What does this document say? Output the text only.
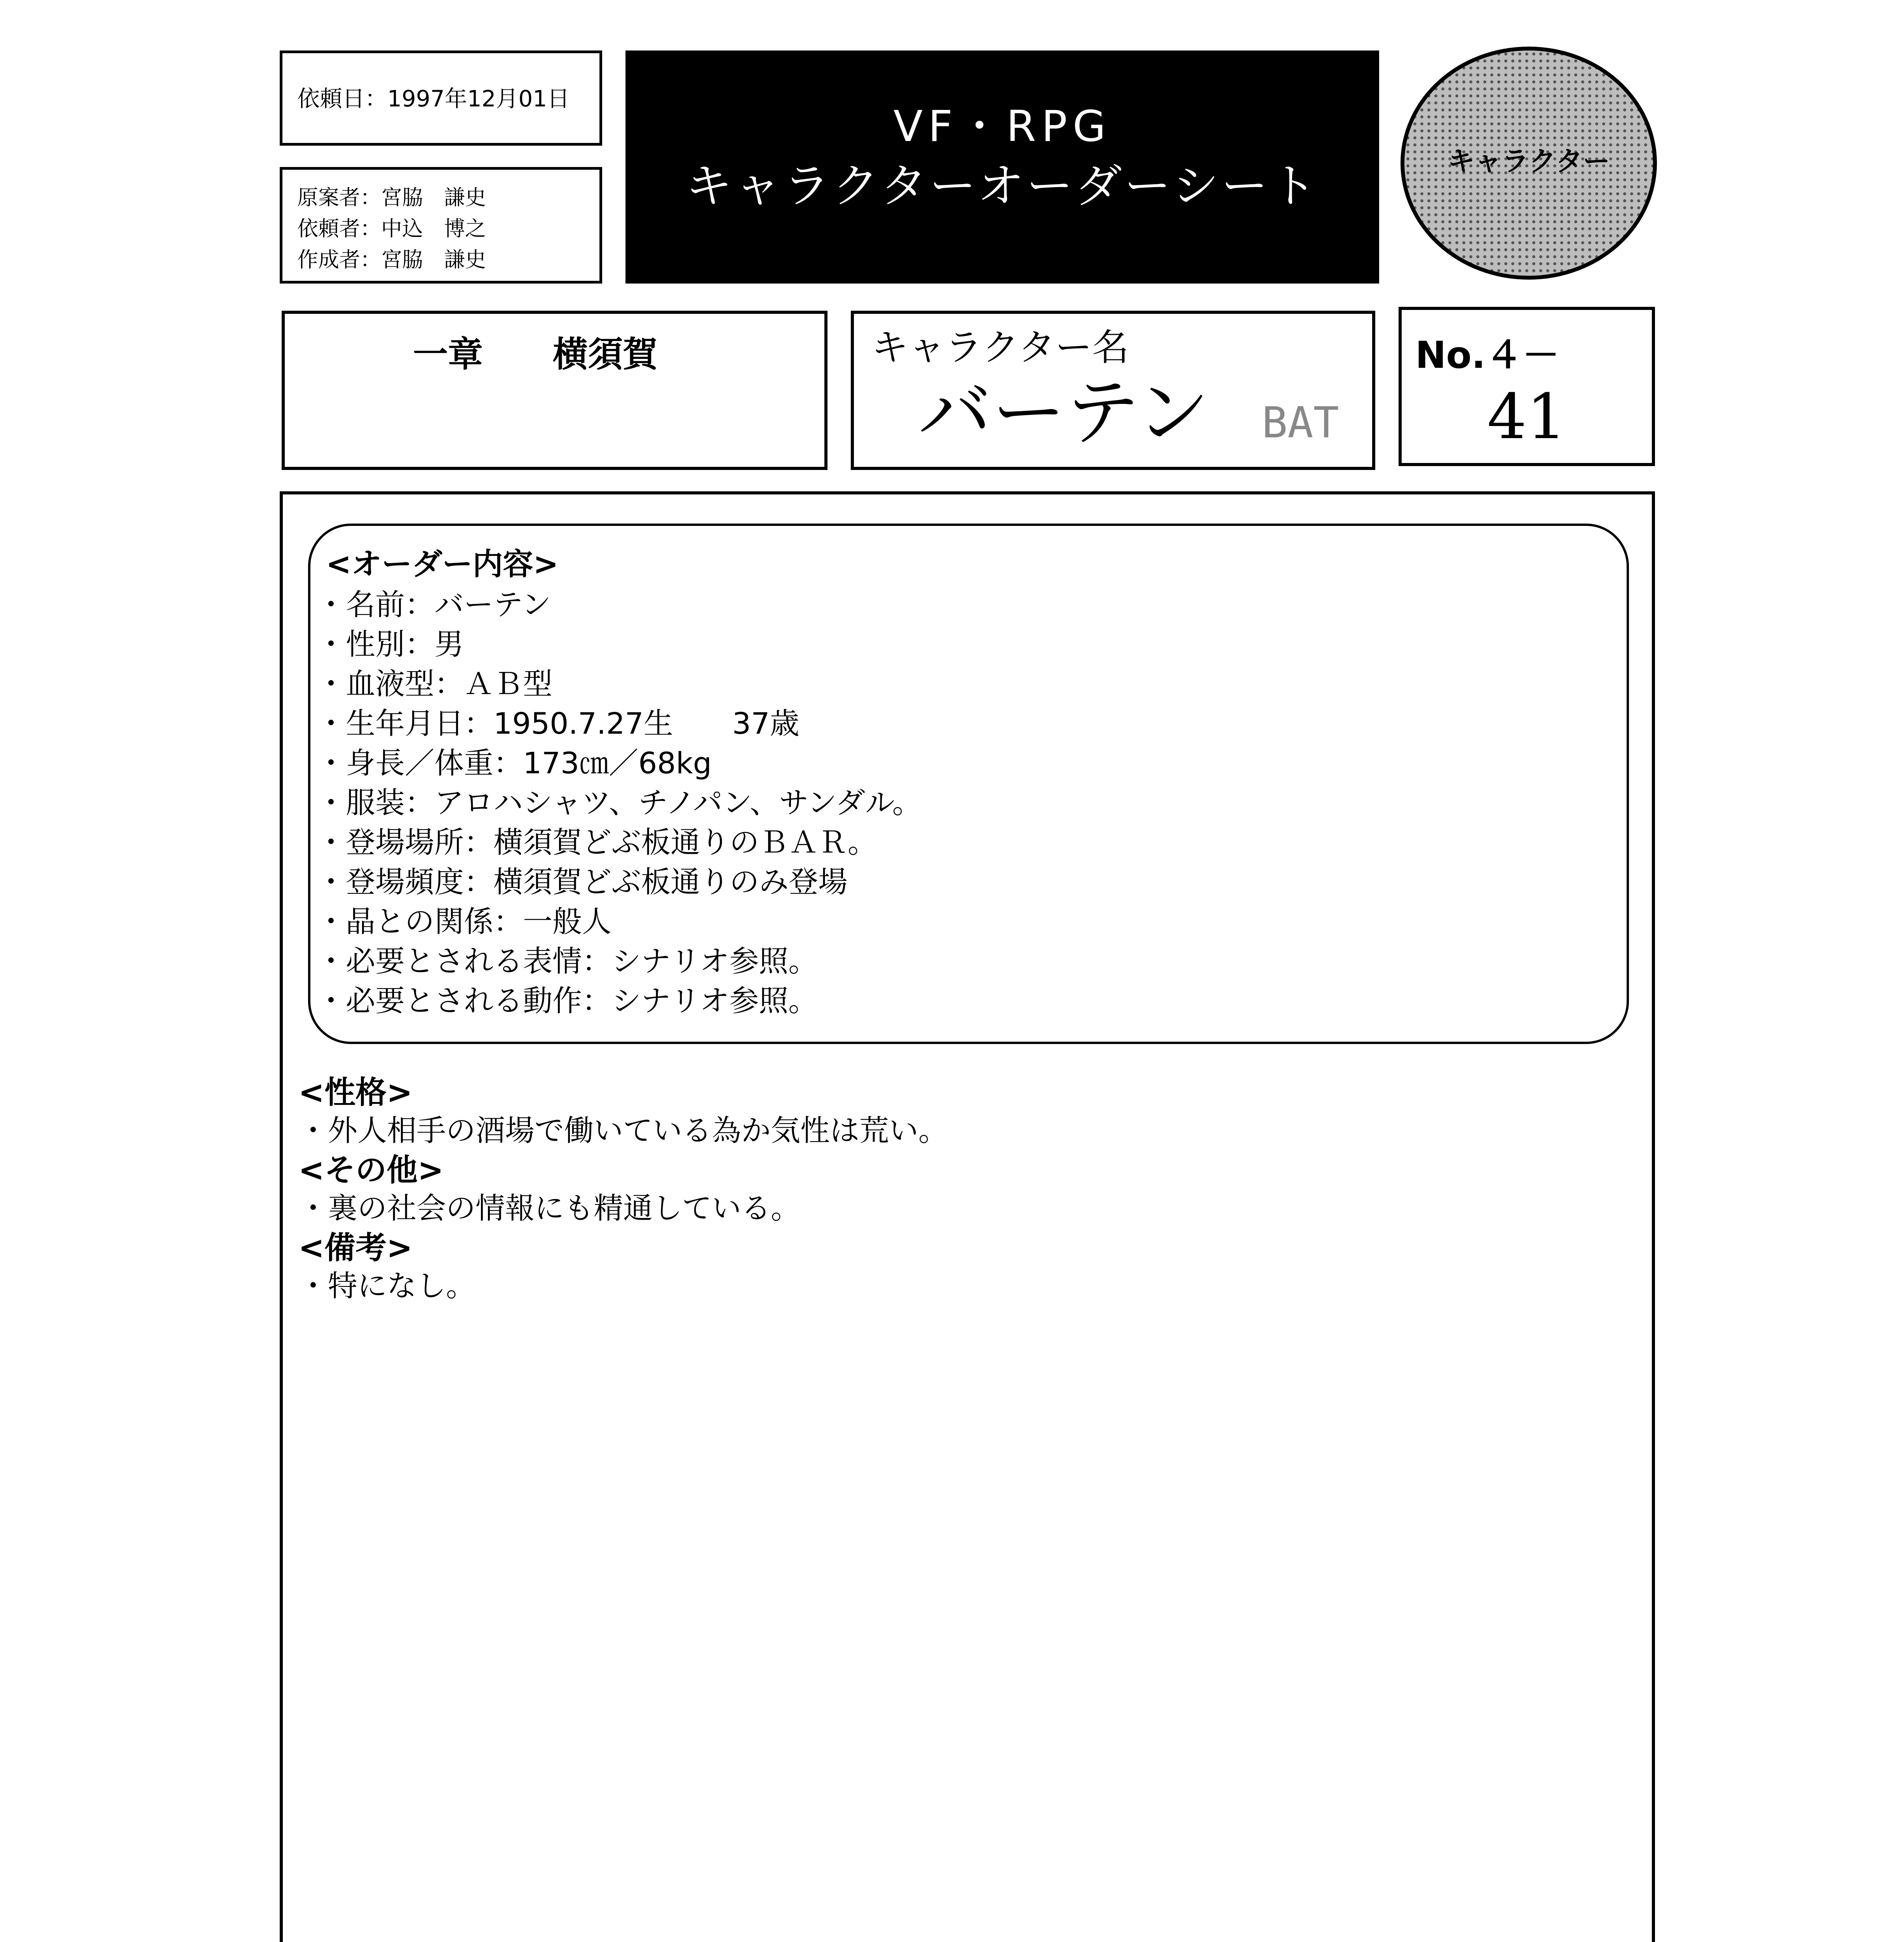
依頼日：1997年12月01日
原案者：宮脇　謙史
依頼者：中込　博之
作成者：宮脇　謙史
VF・RPG
キャラクターオーダーシート	キャラクター
一章　　横須賀	キャラクター名
バーテン BAT
No.４－
41
<オーダー内容>
・名前：バーテン
・性別：男
・血液型：ＡＢ型
・生年月日：1950.7.27生　　37歳
・身長／体重：173㎝／68kg
・服装：アロハシャツ、チノパン、サンダル。
・登場場所：横須賀どぶ板通りのＢＡＲ。
・登場頻度：横須賀どぶ板通りのみ登場
・晶との関係：一般人
・必要とされる表情：シナリオ参照。
・必要とされる動作：シナリオ参照。
<性格>
・外人相手の酒場で働いている為か気性は荒い。
<その他>
・裏の社会の情報にも精通している。
<備考>
・特になし。
